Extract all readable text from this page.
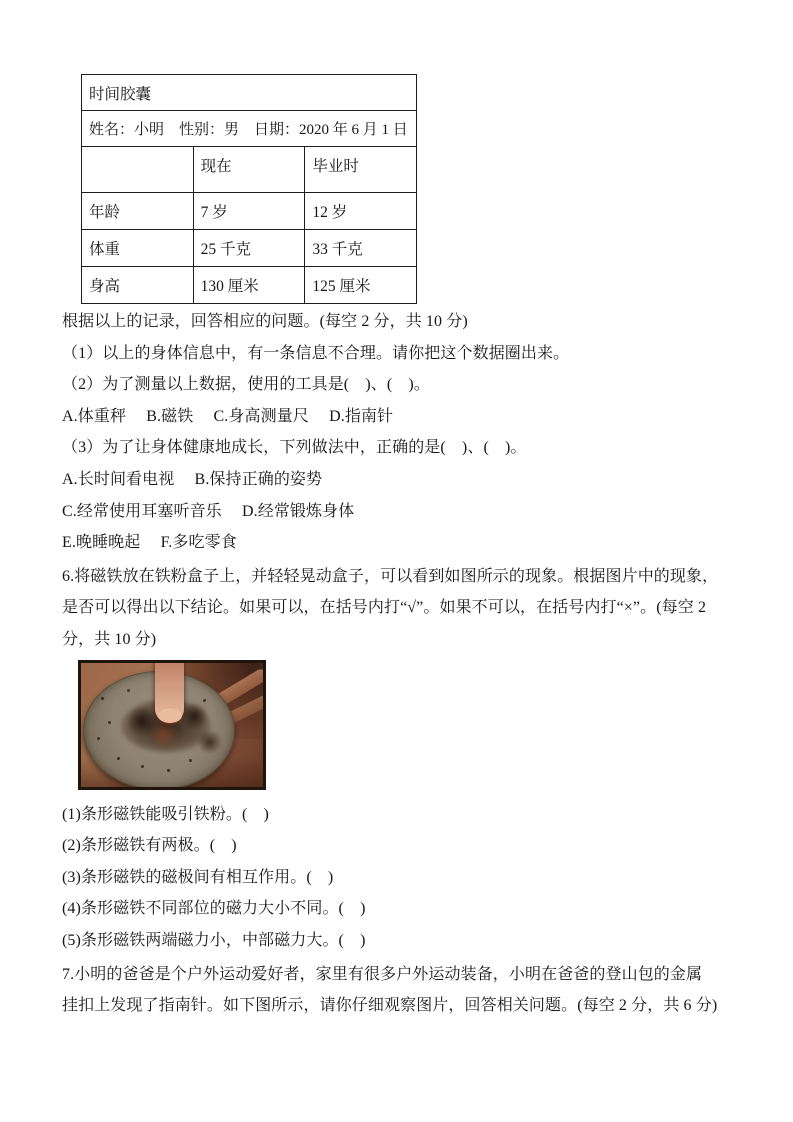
时间胶囊		
姓名：小明　性别：男　日期：2020 年 6 月 1 日		
	现在	毕业时
年龄	7 岁	12 岁
体重	25 千克	33 千克
身高	130 厘米	125 厘米
根据以上的记录，回答相应的问题。(每空 2 分，共 10 分)
（1）以上的身体信息中，有一条信息不合理。请你把这个数据圈出来。
（2）为了测量以上数据，使用的工具是(　)、(　)。
A.体重秤　 B.磁铁　 C.身高测量尺　 D.指南针
（3）为了让身体健康地成长，下列做法中，正确的是(　)、(　)。
A.长时间看电视　 B.保持正确的姿势
C.经常使用耳塞听音乐　 D.经常锻炼身体
E.晚睡晚起　 F.多吃零食
6.将磁铁放在铁粉盒子上，并轻轻晃动盒子，可以看到如图所示的现象。根据图片中的现象，
是否可以得出以下结论。如果可以，在括号内打“√”。如果不可以，在括号内打“×”。(每空 2
分，共 10 分)
(1)条形磁铁能吸引铁粉。(　)
(2)条形磁铁有两极。(　)
(3)条形磁铁的磁极间有相互作用。(　)
(4)条形磁铁不同部位的磁力大小不同。(　)
(5)条形磁铁两端磁力小，中部磁力大。(　)
7.小明的爸爸是个户外运动爱好者，家里有很多户外运动装备，小明在爸爸的登山包的金属
挂扣上发现了指南针。如下图所示，请你仔细观察图片，回答相关问题。(每空 2 分，共 6 分)
